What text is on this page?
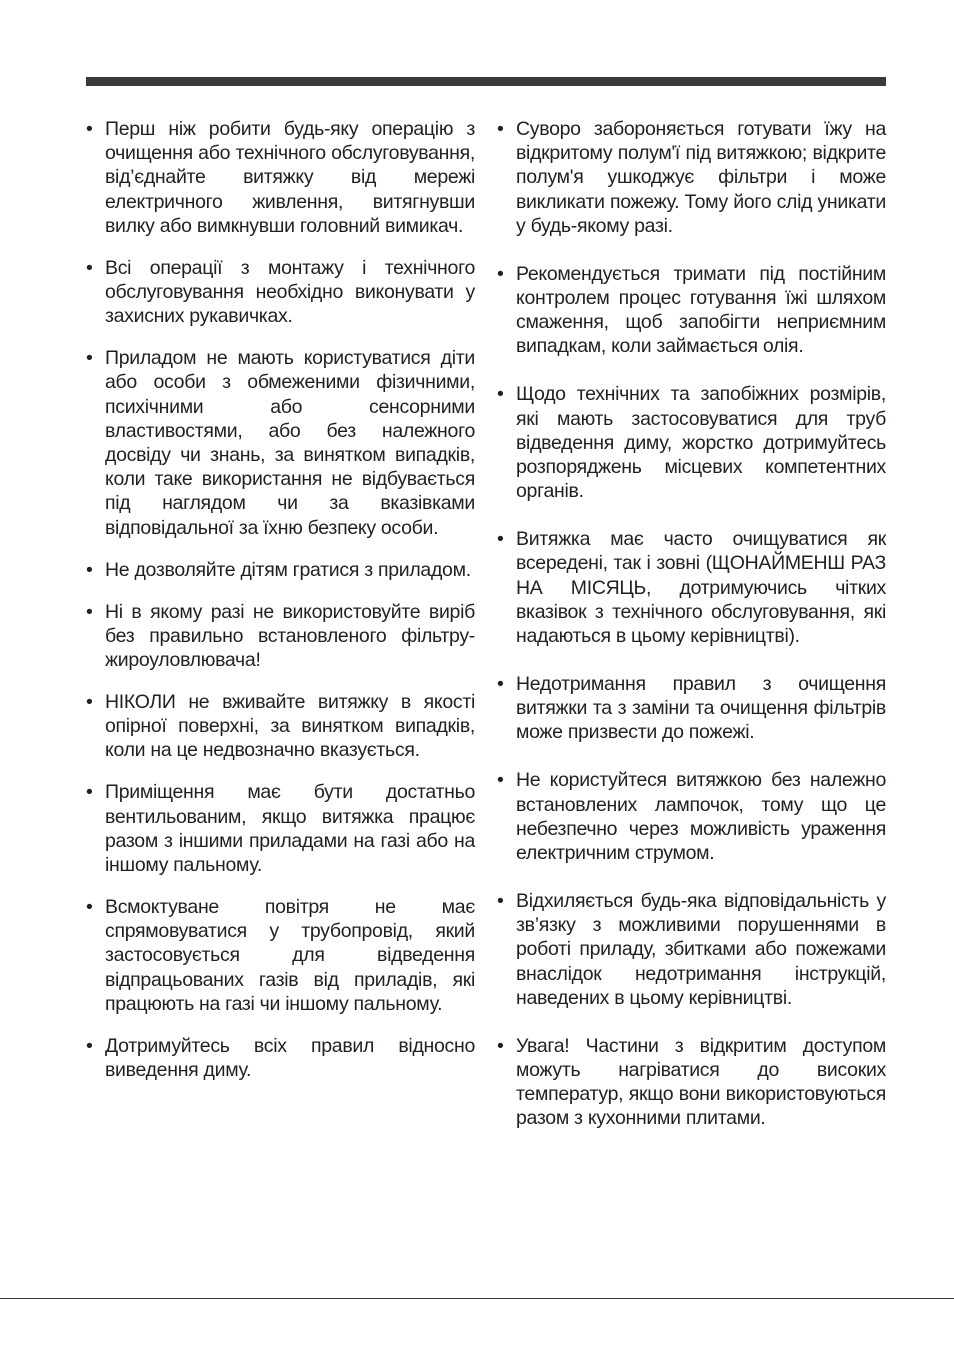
• Перш ніж робити будь-яку операцію з очищення або технічного обслуговування, від’єднайте витяжку від мережі електричного живлення, витягнувши вилку або вимкнувши головний вимикач.
• Всі операції з монтажу і технічного обслуговування необхідно виконувати у захисних рукавичках.
• Приладом не мають користуватися діти або особи з обмеженими фізичними, психічними або сенсорними властивостями, або без належного досвіду чи знань, за винятком випадків, коли таке використання не відбувається під наглядом чи за вказівками відповідальної за їхню безпеку особи.
• Не дозволяйте дітям гратися з приладом.
• Ні в якому разі не використовуйте виріб без правильно встановленого фільтру-жироуловлювача!
• НІКОЛИ не вживайте витяжку в якості опірної поверхні, за винятком випадків, коли на це недвозначно вказується.
• Приміщення має бути достатньо вентильованим, якщо витяжка працює разом з іншими приладами на газі або на іншому пальному.
• Всмоктуване повітря не має спрямовуватися у трубопровід, який застосовується для відведення відпрацьованих газів від приладів, які працюють на газі чи іншому пальному.
• Дотримуйтесь всіх правил відносно виведення диму.
• Суворо забороняється готувати їжу на відкритому полум'ї під витяжкою; відкрите полум'я ушкоджує фільтри і може викликати пожежу. Тому його слід уникати у будь-якому разі.
• Рекомендується тримати під постійним контролем процес готування їжі шляхом смаження, щоб запобігти неприємним випадкам, коли займається олія.
• Щодо технічних та запобіжних розмірів, які мають застосовуватися для труб відведення диму, жорстко дотримуйтесь розпоряджень місцевих компетентних органів.
• Витяжка має часто очищуватися як всередені, так і зовні (ЩОНАЙМЕНШ РАЗ НА МІСЯЦЬ, дотримуючись чітких вказівок з технічного обслуговування, які надаються в цьому керівництві).
• Недотримання правил з очищення витяжки та з заміни та очищення фільтрів може призвести до пожежі.
• Не користуйтеся витяжкою без належно встановлених лампочок, тому що це небезпечно через можливість ураження електричним струмом.
• Відхиляється будь-яка відповідальність у зв’язку з можливими порушеннями в роботі приладу, збитками або пожежами внаслідок недотримання інструкцій, наведених в цьому керівництві.
• Увага! Частини з відкритим доступом можуть нагріватися до високих температур, якщо вони використовуються разом з кухонними плитами.
